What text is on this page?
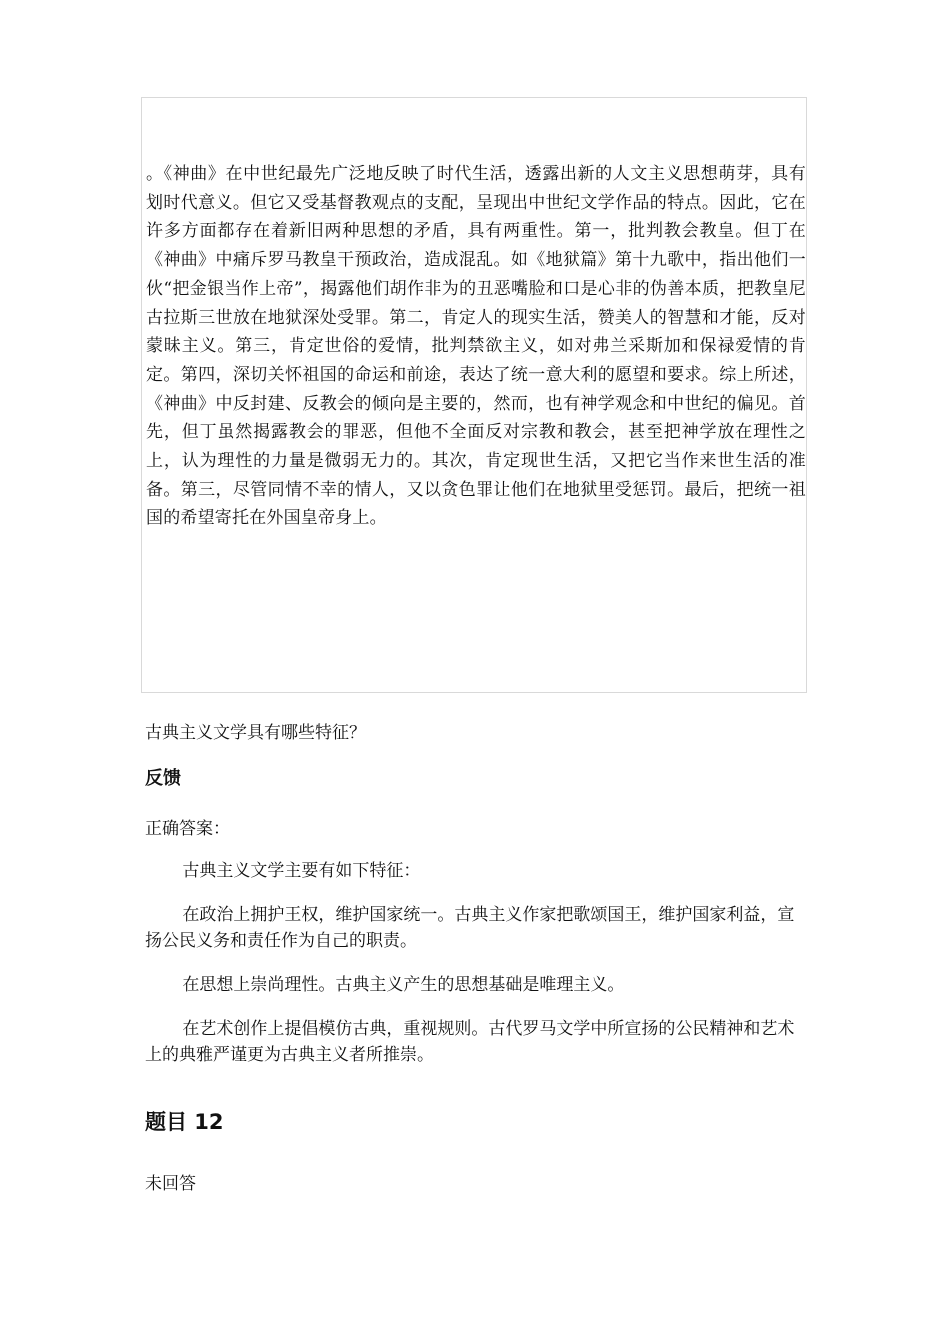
。《神曲》在中世纪最先广泛地反映了时代生活，透露出新的人文主义思想萌芽，具有划时代意义。但它又受基督教观点的支配，呈现出中世纪文学作品的特点。因此，它在许多方面都存在着新旧两种思想的矛盾，具有两重性。第一，批判教会教皇。但丁在《神曲》中痛斥罗马教皇干预政治，造成混乱。如《地狱篇》第十九歌中，指出他们一伙“把金银当作上帝”，揭露他们胡作非为的丑恶嘴脸和口是心非的伪善本质，把教皇尼古拉斯三世放在地狱深处受罪。第二，肯定人的现实生活，赞美人的智慧和才能，反对蒙昧主义。第三，肯定世俗的爱情，批判禁欲主义，如对弗兰采斯加和保禄爱情的肯定。第四，深切关怀祖国的命运和前途，表达了统一意大利的愿望和要求。综上所述，《神曲》中反封建、反教会的倾向是主要的，然而，也有神学观念和中世纪的偏见。首先，但丁虽然揭露教会的罪恶，但他不全面反对宗教和教会，甚至把神学放在理性之上，认为理性的力量是微弱无力的。其次，肯定现世生活，又把它当作来世生活的准备。第三，尽管同情不幸的情人，又以贪色罪让他们在地狱里受惩罚。最后，把统一祖国的希望寄托在外国皇帝身上。

古典主义文学具有哪些特征？

反馈

正确答案：

古典主义文学主要有如下特征：

在政治上拥护王权，维护国家统一。古典主义作家把歌颂国王，维护国家利益，宣扬公民义务和责任作为自己的职责。

在思想上崇尚理性。古典主义产生的思想基础是唯理主义。

在艺术创作上提倡模仿古典，重视规则。古代罗马文学中所宣扬的公民精神和艺术上的典雅严谨更为古典主义者所推崇。

题目 12

未回答
